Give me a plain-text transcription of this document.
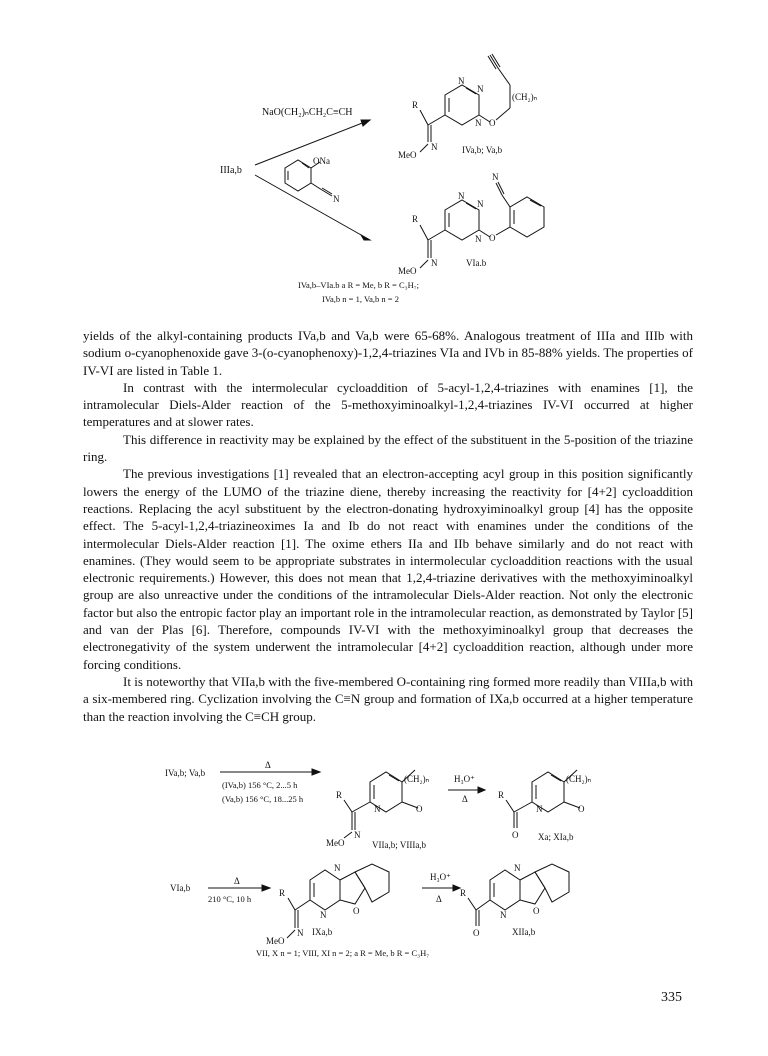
NaO(CH₂)ₙCH₂C≡CH
IIIa,b
ONa
N
N
N
N
R
N
MeO
O
(CH₂)ₙ
IVa,b; Va,b
N
N
N
N
R
N
MeO
O
VIa.b
IVa,b–VIa.b a R = Me, b R = C₃H₇;
IVa,b n = 1, Va,b n = 2

yields of the alkyl-containing products IVa,b and Va,b were 65-68%. Analogous treatment of IIIa and IIIb with sodium o-cyanophenoxide gave 3-(o-cyanophenoxy)-1,2,4-triazines VIa and IVb in 85-88% yields. The properties of IV-VI are listed in Table 1.

In contrast with the intermolecular cycloaddition of 5-acyl-1,2,4-triazines with enamines [1], the intramolecular Diels-Alder reaction of the 5-methoxyiminoalkyl-1,2,4-triazines IV-VI occurred at higher temperatures and at slower rates.

This difference in reactivity may be explained by the effect of the substituent in the 5-position of the triazine ring.

The previous investigations [1] revealed that an electron-accepting acyl group in this position significantly lowers the energy of the LUMO of the triazine diene, thereby increasing the reactivity for [4+2] cycloaddition reactions. Replacing the acyl substituent by the electron-donating hydroxyiminoalkyl group [4] has the opposite effect. The 5-acyl-1,2,4-triazineoximes Ia and Ib do not react with enamines under the conditions of the intermolecular Diels-Alder reaction [1]. The oxime ethers IIa and IIb behave similarly and do not react with enamines. (They would seem to be appropriate substrates in intermolecular cycloaddition reactions with the usual electronic requirements.) However, this does not mean that 1,2,4-triazine derivatives with the methoxyiminoalkyl group are also unreactive under the conditions of the intramolecular Diels-Alder reaction. Not only the electronic factor but also the entropic factor play an important role in the intramolecular reaction, as demonstrated by Taylor [5] and van der Plas [6]. Therefore, compounds IV-VI with the methoxyiminoalkyl group that decreases the electronegativity of the system underwent the intramolecular [4+2] cycloaddition reaction, although under more forcing conditions.

It is noteworthy that VIIa,b with the five-membered O-containing ring formed more readily than VIIIa,b with a six-membered ring. Cyclization involving the C≡N group and formation of IXa,b occurred at a higher temperature than the reaction involving the C≡CH group.

IVa,b; Va,b
Δ
(IVa,b) 156 °C, 2...5 h
(Va,b) 156 °C, 18...25 h	R
N	O
(CH₂)ₙ
N
MeO	VIIa,b; VIIIa,b
H₃O⁺
Δ	R
N	O
(CH₂)ₙ
O Xa; XIa,b
VIa,b
Δ
210 °C, 10 h
R
N
N	O
N
MeO
IXa,b
H₃O⁺
Δ
R
N
N	O
O	XIIa,b
VII, X n = 1; VIII, XI n = 2; a R = Me, b R = C₃H₇
335
